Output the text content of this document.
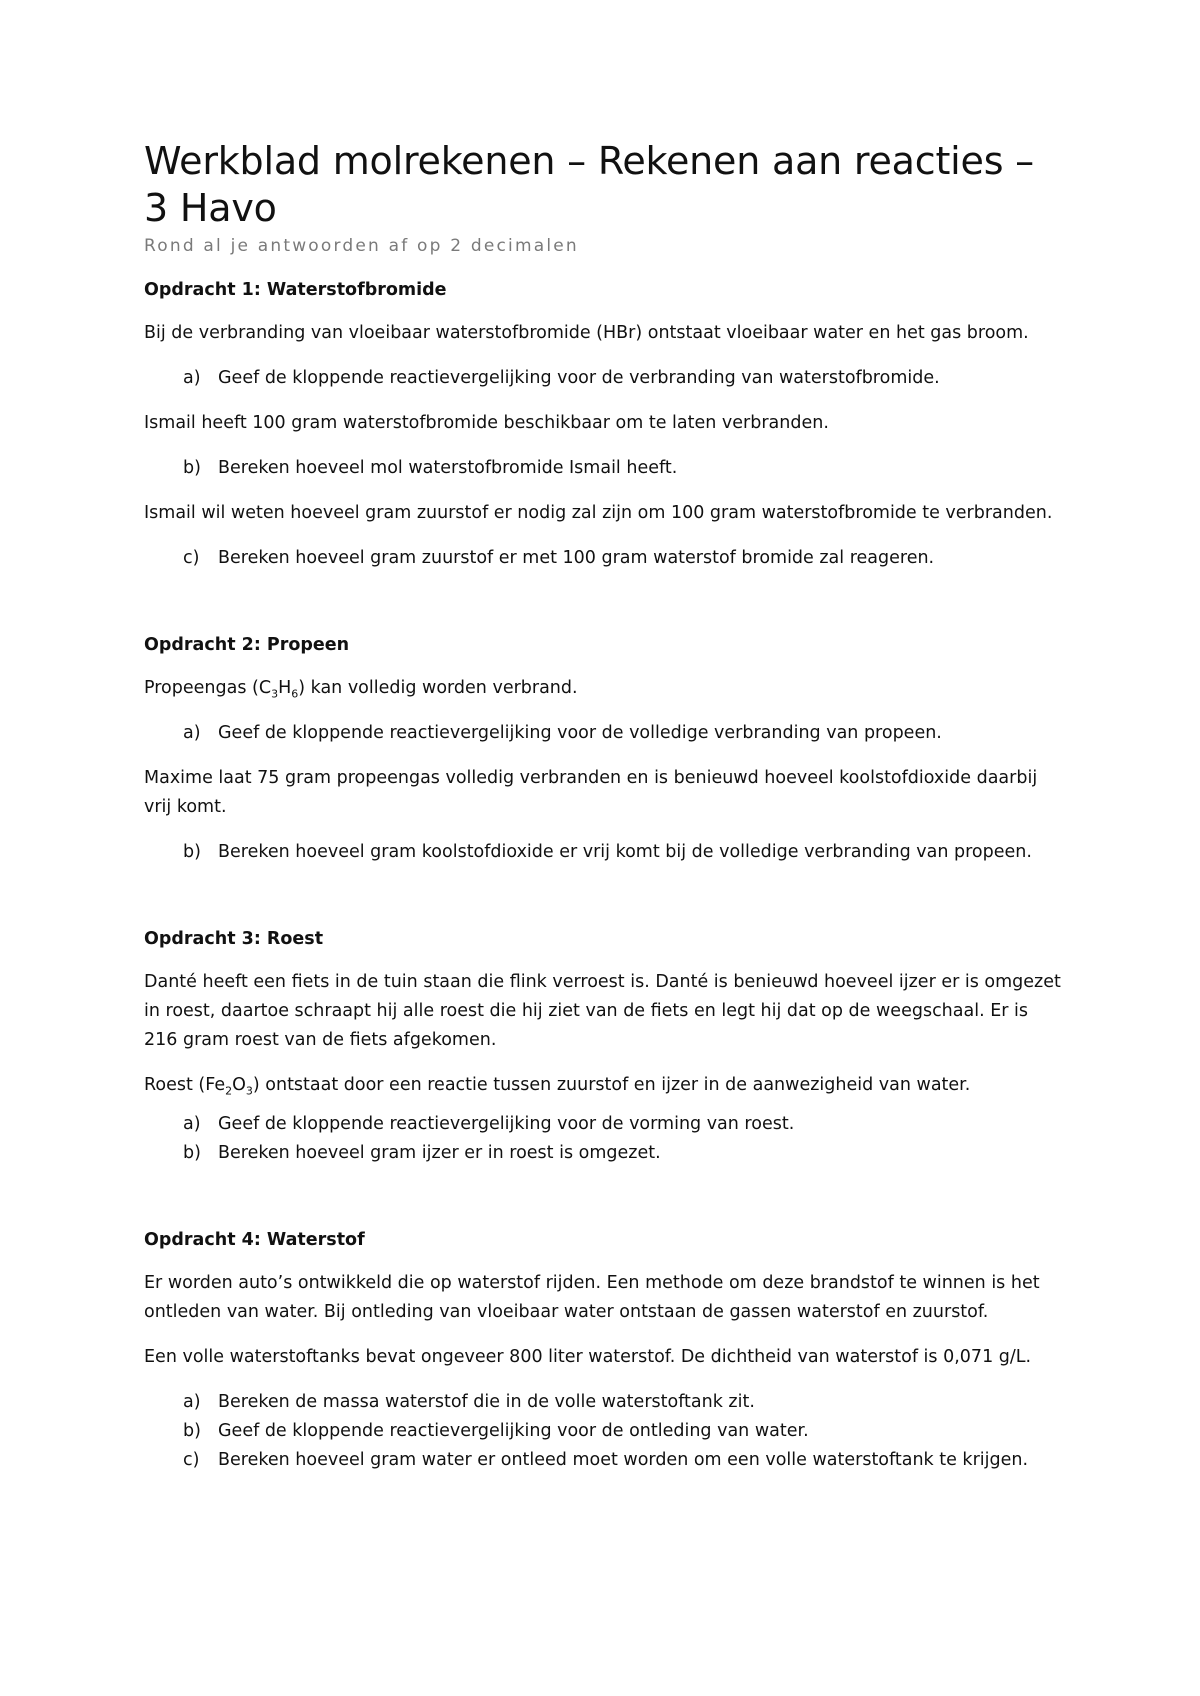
Werkblad molrekenen – Rekenen aan reacties – 3 Havo
Rond al je antwoorden af op 2 decimalen
Opdracht 1: Waterstofbromide

Bij de verbranding van vloeibaar waterstofbromide (HBr) ontstaat vloeibaar water en het gas broom.

a) Geef de kloppende reactievergelijking voor de verbranding van waterstofbromide.

Ismail heeft 100 gram waterstofbromide beschikbaar om te laten verbranden.

b) Bereken hoeveel mol waterstofbromide Ismail heeft.

Ismail wil weten hoeveel gram zuurstof er nodig zal zijn om 100 gram waterstofbromide te verbranden.

c) Bereken hoeveel gram zuurstof er met 100 gram waterstof bromide zal reageren.
Opdracht 2: Propeen

Propeengas $(C_3H_6)$ kan volledig worden verbrand.

a) Geef de kloppende reactievergelijking voor de volledige verbranding van propeen.

Maxime laat 75 gram propeengas volledig verbranden en is benieuwd hoeveel koolstofdioxide daarbij vrij komt.

b) Bereken hoeveel gram koolstofdioxide er vrij komt bij de volledige verbranding van propeen.
Opdracht 3: Roest

Danté heeft een fiets in de tuin staan die flink verroest is. Danté is benieuwd hoeveel ijzer er is omgezet in roest, daartoe schraapt hij alle roest die hij ziet van de fiets en legt hij dat op de weegschaal. Er is 216 gram roest van de fiets afgekomen.

Roest $(Fe_2O_3)$ ontstaat door een reactie tussen zuurstof en ijzer in de aanwezigheid van water.

a) Geef de kloppende reactievergelijking voor de vorming van roest.
b) Bereken hoeveel gram ijzer er in roest is omgezet.
Opdracht 4: Waterstof

Er worden auto’s ontwikkeld die op waterstof rijden. Een methode om deze brandstof te winnen is het ontleden van water. Bij ontleding van vloeibaar water ontstaan de gassen waterstof en zuurstof.

Een volle waterstoftanks bevat ongeveer 800 liter waterstof. De dichtheid van waterstof is 0,071 g/L.

a) Bereken de massa waterstof die in de volle waterstoftank zit.
b) Geef de kloppende reactievergelijking voor de ontleding van water.
c) Bereken hoeveel gram water er ontleed moet worden om een volle waterstoftank te krijgen.
